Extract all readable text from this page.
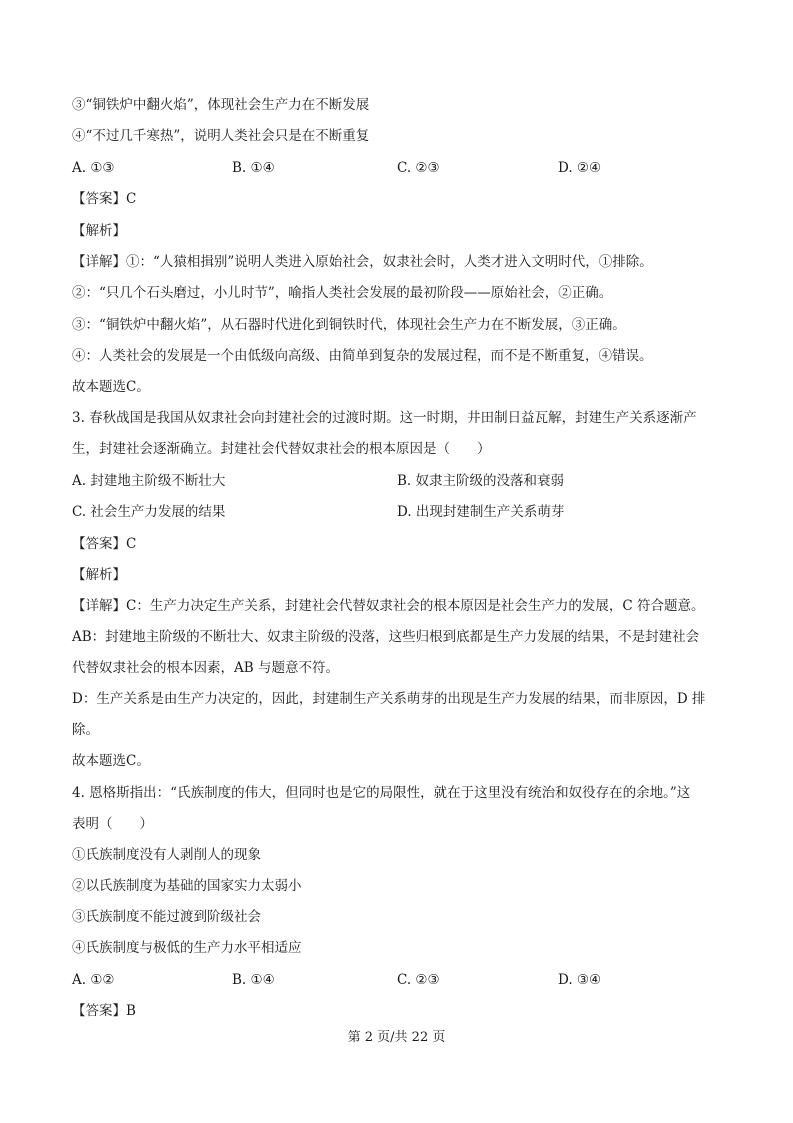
③“铜铁炉中翻火焰”，体现社会生产力在不断发展
④“不过几千寒热”，说明人类社会只是在不断重复
A. ①③	B. ①④	C. ②③	D. ②④
【答案】C
【解析】
【详解】①：“人猿相揖别”说明人类进入原始社会，奴隶社会时，人类才进入文明时代，①排除。
②：“只几个石头磨过，小儿时节”，喻指人类社会发展的最初阶段——原始社会，②正确。
③：“铜铁炉中翻火焰”，从石器时代进化到铜铁时代，体现社会生产力在不断发展，③正确。
④：人类社会的发展是一个由低级向高级、由简单到复杂的发展过程，而不是不断重复，④错误。
故本题选C。
3. 春秋战国是我国从奴隶社会向封建社会的过渡时期。这一时期，井田制日益瓦解，封建生产关系逐渐产
生，封建社会逐渐确立。封建社会代替奴隶社会的根本原因是（　　）
A. 封建地主阶级不断壮大	B. 奴隶主阶级的没落和衰弱
C. 社会生产力发展的结果	D. 出现封建制生产关系萌芽
【答案】C
【解析】
【详解】C：生产力决定生产关系，封建社会代替奴隶社会的根本原因是社会生产力的发展，C 符合题意。
AB：封建地主阶级的不断壮大、奴隶主阶级的没落，这些归根到底都是生产力发展的结果，不是封建社会
代替奴隶社会的根本因素，AB 与题意不符。
D：生产关系是由生产力决定的，因此，封建制生产关系萌芽的出现是生产力发展的结果，而非原因，D 排
除。
故本题选C。
4. 恩格斯指出：“氏族制度的伟大，但同时也是它的局限性，就在于这里没有统治和奴役存在的余地。”这
表明（　　）
①氏族制度没有人剥削人的现象
②以氏族制度为基础的国家实力太弱小
③氏族制度不能过渡到阶级社会
④氏族制度与极低的生产力水平相适应
A. ①②	B. ①④	C. ②③	D. ③④
【答案】B
第 2 页/共 22 页
